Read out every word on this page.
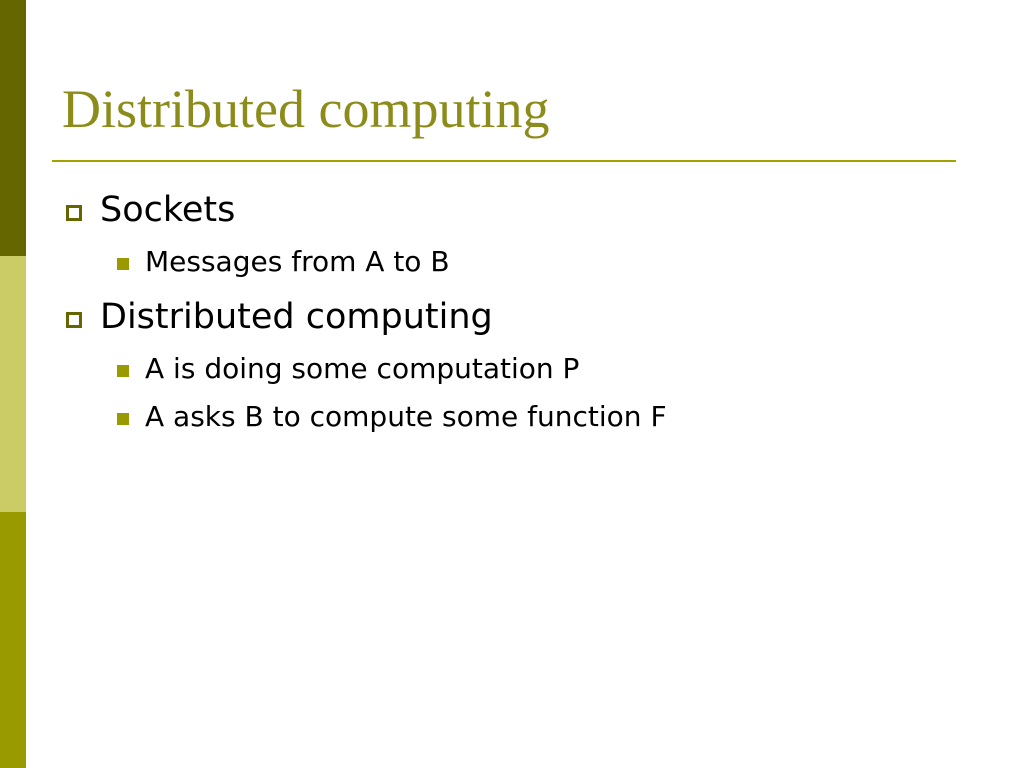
Distributed computing
Sockets
Messages from A to B
Distributed computing
A is doing some computation P
A asks B to compute some function F
